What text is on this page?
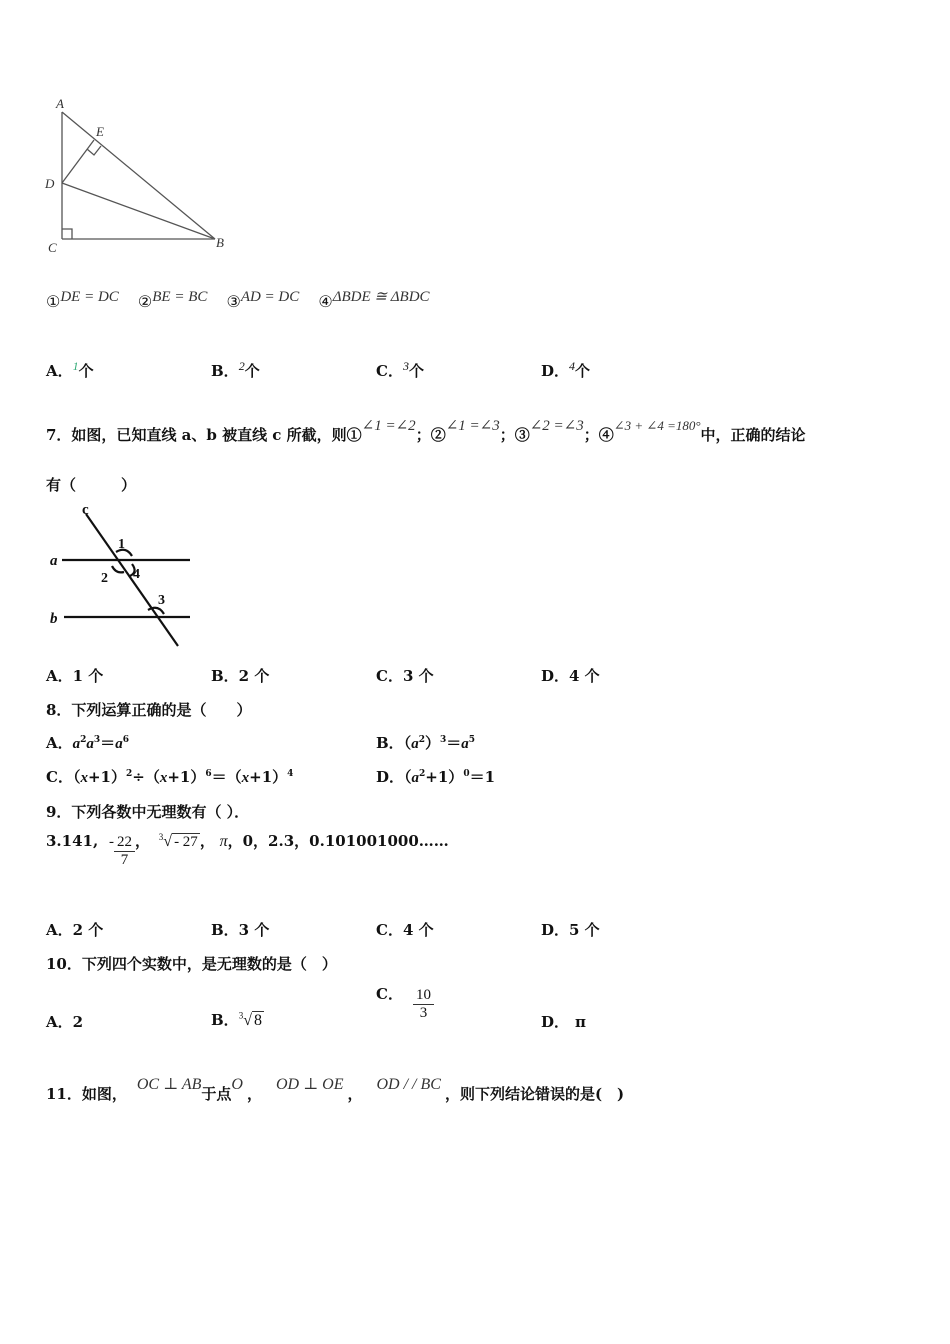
A
E
D
C	B
①DE = DC ②BE = BC ③AD = DC ④ΔBDE ≅ ΔBDC
A．$^1$个	B．$^2$个	C．$^3$个	D．$^4$个
7．如图，已知直线 a、b 被直线 c 所截，则①∠1 =∠2；②∠1 =∠3；③∠2 =∠3；④∠3 + ∠4 =180°中，正确的结论
有（　　　）
c
a
b
1
2 4
3
A．1 个	B．2 个	C．3 个	D．4 个
8．下列运算正确的是（　　）
A．$a^2a^3=a^6$	B．$(a^2)^3=a^5$
C．$(x+1)^2\div(x+1)^6=(x+1)^4$	D．$(a^2+1)^0=1$
9．下列各数中无理数有（ ）．
3.141, - $\frac{22}{7}$ ， $^3$√ - 27 ， π，0，2.3，0.101001000……
A．2 个	B．3 个	C．4 个	D．5 个
10．下列四个实数中，是无理数的是（　）
A．2	B．$^3$√ 8
C． $\frac{10}{3}$	D． π
11．如图，OC ⊥ AB于点O，OD ⊥ OE，OD / / BC，则下列结论错误的是(　)
